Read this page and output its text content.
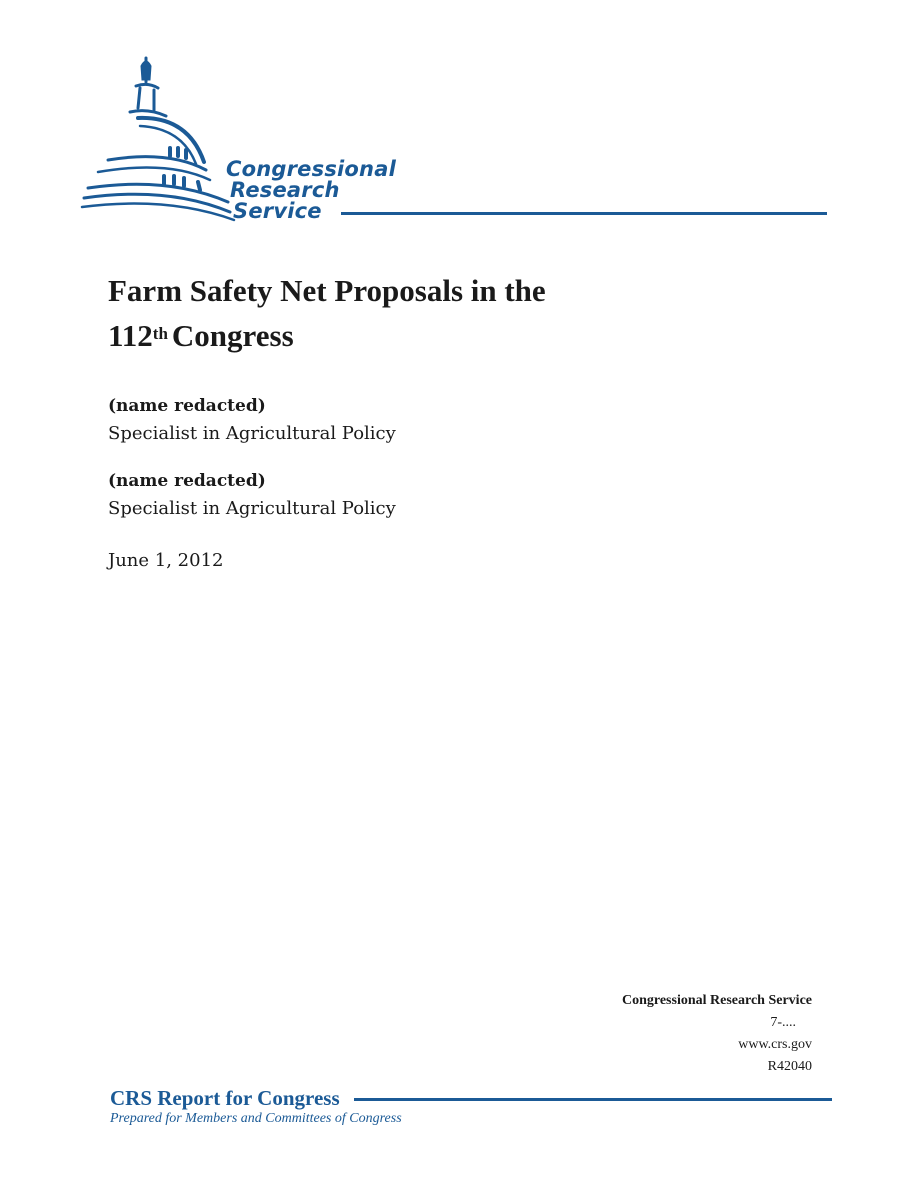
Congressional
Research
Service
Farm Safety Net Proposals in the
112th Congress
(name redacted)
Specialist in Agricultural Policy
(name redacted)
Specialist in Agricultural Policy
June 1, 2012
Congressional Research Service
7-....
www.crs.gov
R42040
CRS Report for Congress
Prepared for Members and Committees of Congress
